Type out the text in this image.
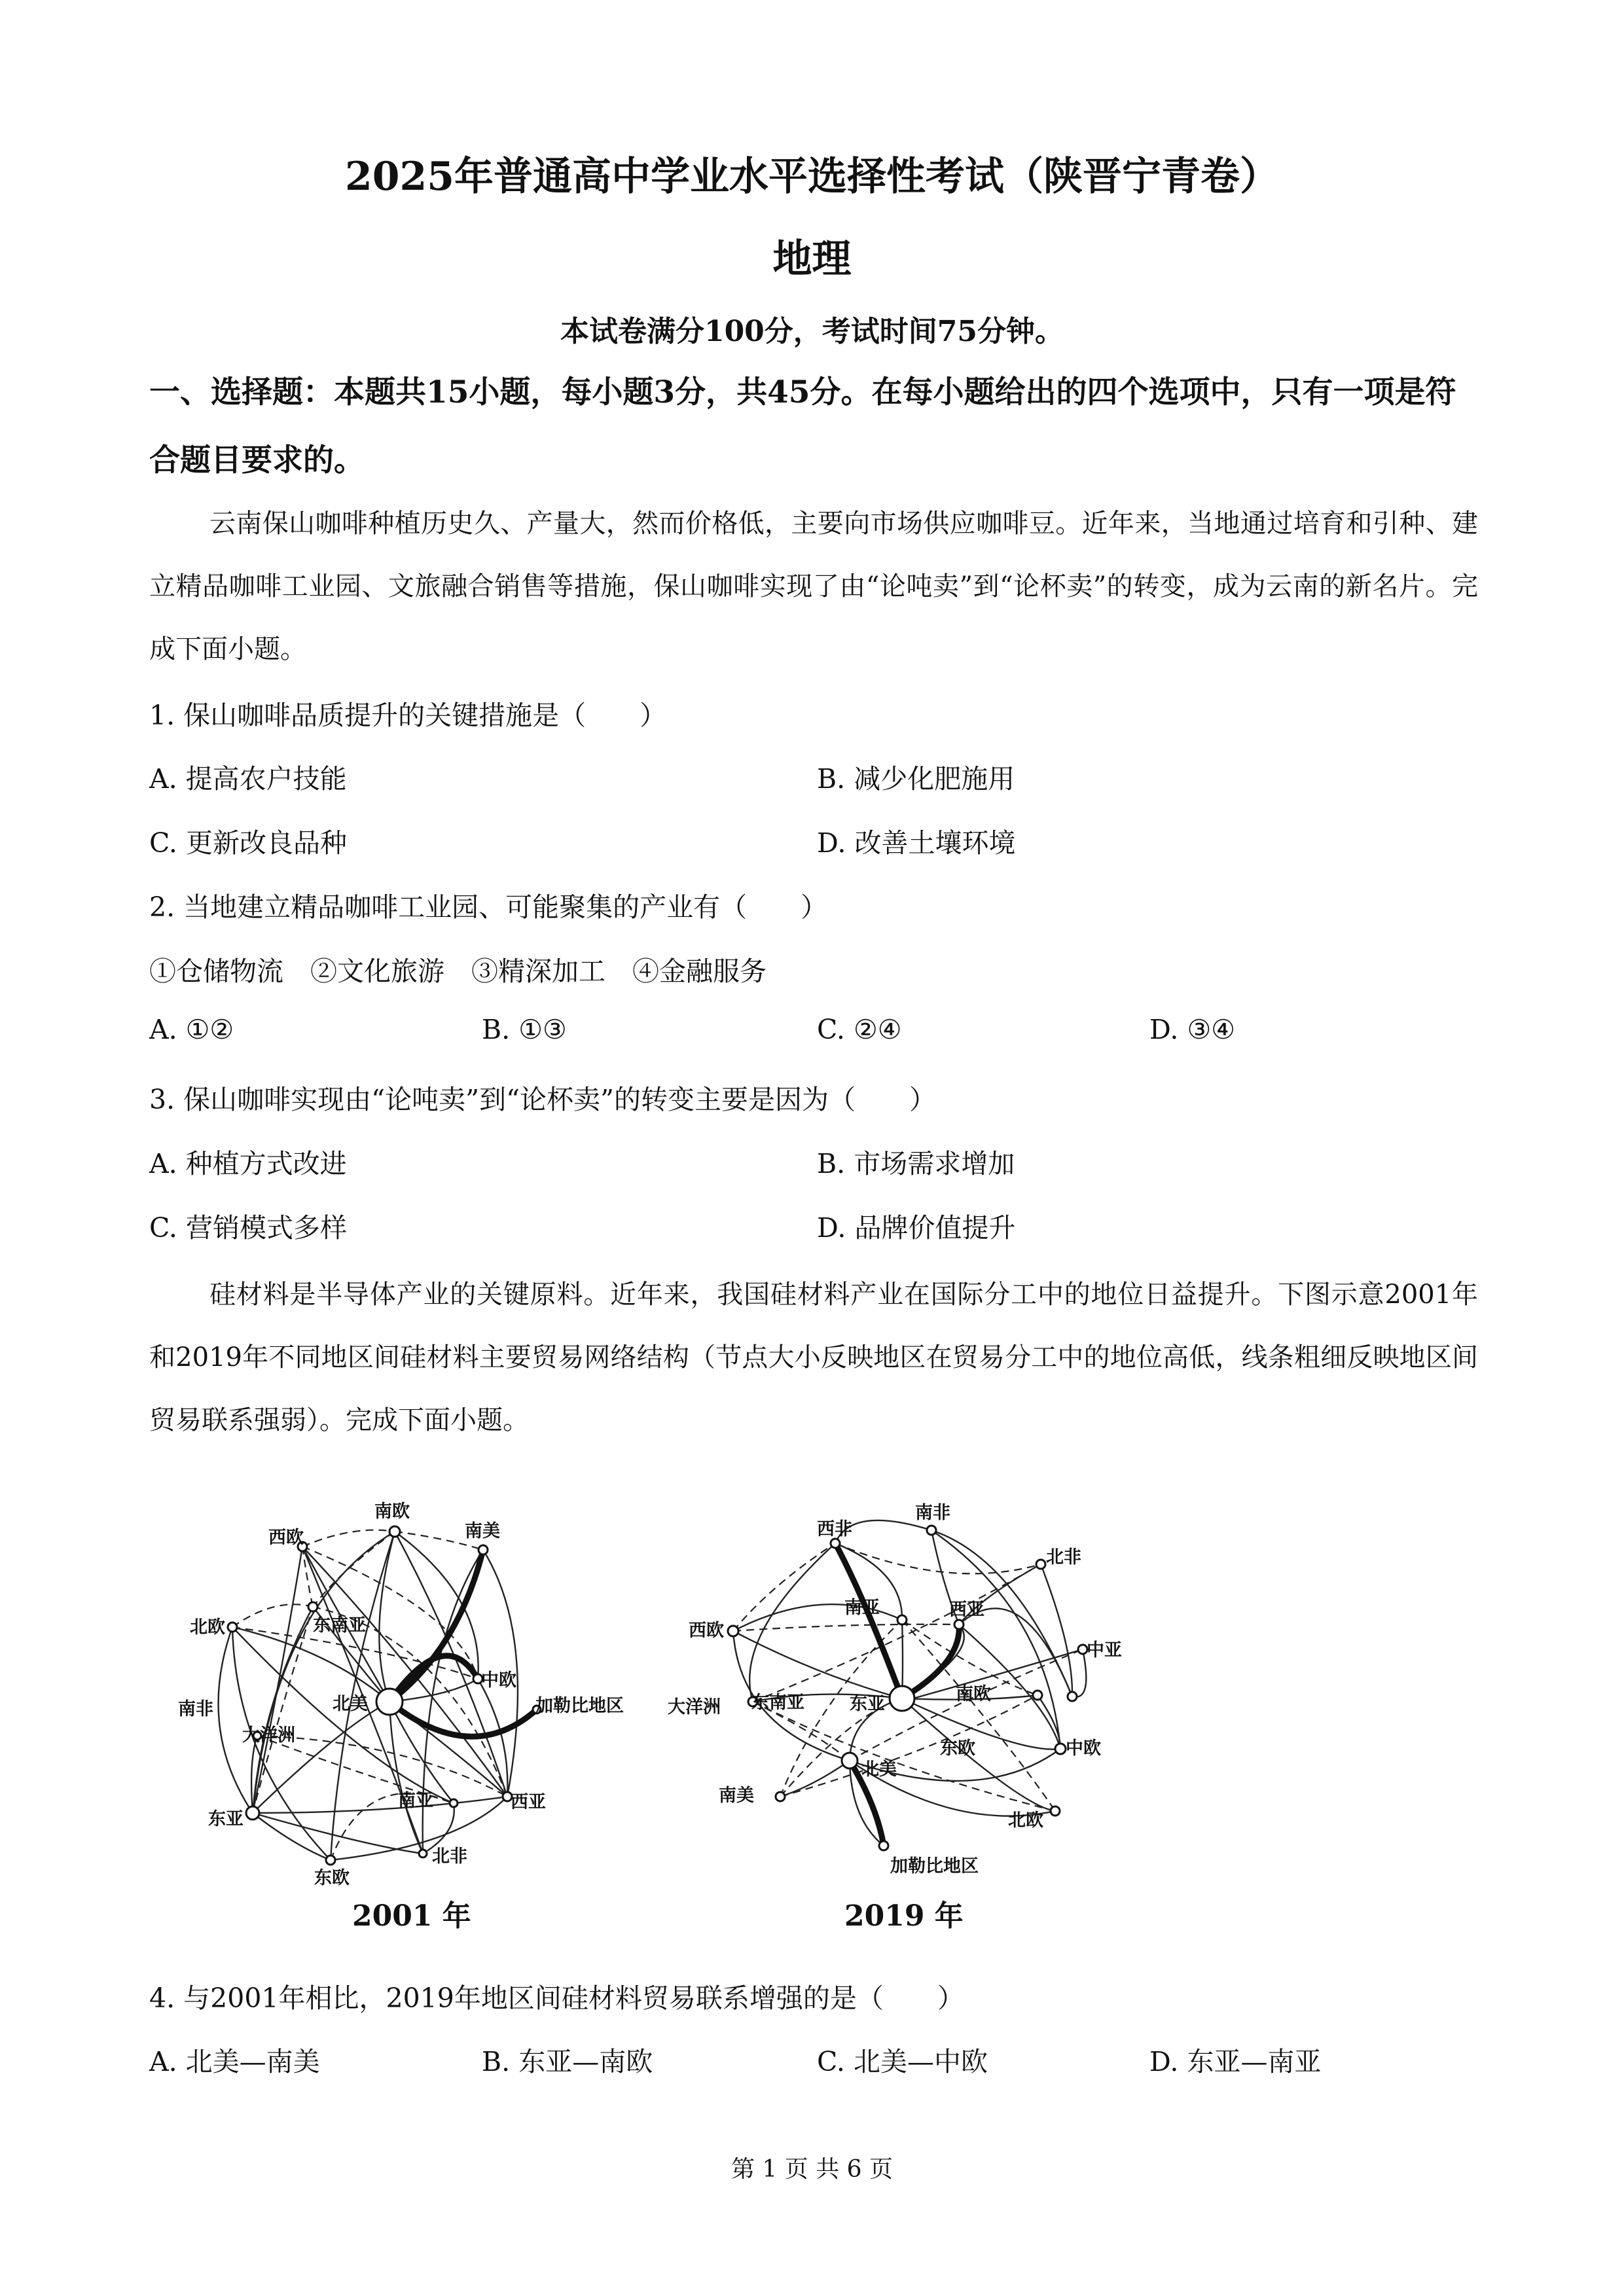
2025年普通高中学业水平选择性考试（陕晋宁青卷）
地理
本试卷满分100分，考试时间75分钟。
一、选择题：本题共15小题，每小题3分，共45分。在每小题给出的四个选项中，只有一项是符合题目要求的。
云南保山咖啡种植历史久、产量大，然而价格低，主要向市场供应咖啡豆。近年来，当地通过培育和引种、建立精品咖啡工业园、文旅融合销售等措施，保山咖啡实现了由“论吨卖”到“论杯卖”的转变，成为云南的新名片。完成下面小题。
1. 保山咖啡品质提升的关键措施是（　　）
A. 提高农户技能	B. 减少化肥施用
C. 更新改良品种	D. 改善土壤环境
2. 当地建立精品咖啡工业园、可能聚集的产业有（　　）
①仓储物流　②文化旅游　③精深加工　④金融服务
A. ①②	B. ①③	C. ②④	D. ③④
3. 保山咖啡实现由“论吨卖”到“论杯卖”的转变主要是因为（　　）
A. 种植方式改进	B. 市场需求增加
C. 营销模式多样	D. 品牌价值提升
硅材料是半导体产业的关键原料。近年来，我国硅材料产业在国际分工中的地位日益提升。下图示意2001年和2019年不同地区间硅材料主要贸易网络结构（节点大小反映地区在贸易分工中的地位高低，线条粗细反映地区间贸易联系强弱）。完成下面小题。
南欧
西欧	南美
北欧	东南亚
中欧
南非	北美	加勒比地区
大洋洲
南亚	西亚
东亚
东欧
北非
2001 年
西非
南非
北非
南亚	西亚
西欧
中亚
大洋洲 东南亚	东亚	南欧
东欧	中欧
南美
北美
北欧
加勒比地区
2019 年
4. 与2001年相比，2019年地区间硅材料贸易联系增强的是（　　）
A. 北美—南美	B. 东亚—南欧	C. 北美—中欧	D. 东亚—南亚
第 1 页 共 6 页
